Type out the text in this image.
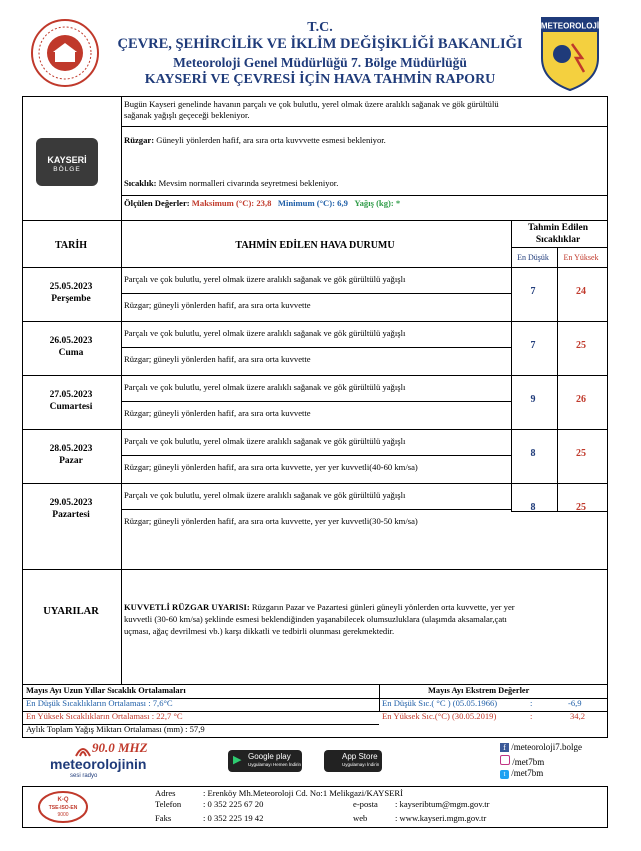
T.C.
ÇEVRE, ŞEHİRCİLİK VE İKLİM DEĞİŞİKLİĞİ BAKANLIĞI
Meteoroloji Genel Müdürlüğü 7. Bölge Müdürlüğü
KAYSERİ VE ÇEVRESİ İÇİN HAVA TAHMİN RAPORU
METEOROLOJİ
KAYSERİ
BÖLGE
Bugün Kayseri genelinde havanın parçalı ve çok bulutlu, yerel olmak üzere aralıklı sağanak ve gök gürültülü
sağanak yağışlı geçeceği bekleniyor.
Rüzgar: Güneyli yönlerden hafif, ara sıra orta kuvvvette esmesi bekleniyor.
Sıcaklık: Mevsim normalleri civarında seyretmesi bekleniyor.
Ölçülen Değerler: Maksimum (°C): 23,8 Minimum (°C): 6,9 Yağış (kg): *
TARİH	TAHMİN EDİLEN HAVA DURUMU
Tahmin Edilen Sıcaklıklar
En Düşük	En Yüksek
25.05.2023
Perşembe
Parçalı ve çok bulutlu, yerel olmak üzere aralıklı sağanak ve gök gürültülü yağışlı
Rüzgar; güneyli yönlerden hafif, ara sıra orta kuvvette
7	24
26.05.2023
Cuma
Parçalı ve çok bulutlu, yerel olmak üzere aralıklı sağanak ve gök gürültülü yağışlı
Rüzgar; güneyli yönlerden hafif, ara sıra orta kuvvette
7	25
27.05.2023
Cumartesi
Parçalı ve çok bulutlu, yerel olmak üzere aralıklı sağanak ve gök gürültülü yağışlı
Rüzgar; güneyli yönlerden hafif, ara sıra orta kuvvette
9	26
28.05.2023
Pazar
Parçalı ve çok bulutlu, yerel olmak üzere aralıklı sağanak ve gök gürültülü yağışlı
Rüzgar; güneyli yönlerden hafif, ara sıra orta kuvvette, yer yer kuvvetli(40-60 km/sa)
8	25
29.05.2023
Pazartesi
Parçalı ve çok bulutlu, yerel olmak üzere aralıklı sağanak ve gök gürültülü yağışlı
Rüzgar; güneyli yönlerden hafif, ara sıra orta kuvvette, yer yer kuvvetli(30-50 km/sa)
8	25
UYARILAR	KUVVETLİ RÜZGAR UYARISI: Rüzgarın Pazar ve Pazartesi günleri güneyli yönlerden orta kuvvette, yer yer
kuvvetli (30-60 km/sa) şeklinde esmesi beklendiğinden yaşanabilecek olumsuzluklara (ulaşımda aksamalar,çatı
uçması, ağaç devrilmesi vb.) karşı dikkatli ve tedbirli olunması gerekmektedir.
Mayıs Ayı Uzun Yıllar Sıcaklık Ortalamaları	Mayıs Ayı Ekstrem Değerler
En Düşük Sıcaklıkların Ortalaması : 7,6°C
En Yüksek Sıcaklıkların Ortalaması : 22,7 °C
Aylık Toplam Yağış Miktarı Ortalaması (mm) : 57,9
En Düşük Sıc.( °C ) (05.05.1966)	:	-6,9
En Yüksek Sıc.(°C) (30.05.2019)	:	34,2
90.0 MHZ
meteorolojinin
sesi radyo
▶ Google play
Uygulamayı Hemen İndirin
App Store
Uygulamayı İndirin
f /meteoroloji7.bolge
/met7bm
t /met7bm
K-Q
TSE-ISO-EN
9000
Adres	: Erenköy Mh.Meteoroloji Cd. No:1 Melikgazi/KAYSERİ
Telefon	: 0 352 225 67 20
Faks	: 0 352 225 19 42
e-posta : kayseribtum@mgm.gov.tr
web	: www.kayseri.mgm.gov.tr
